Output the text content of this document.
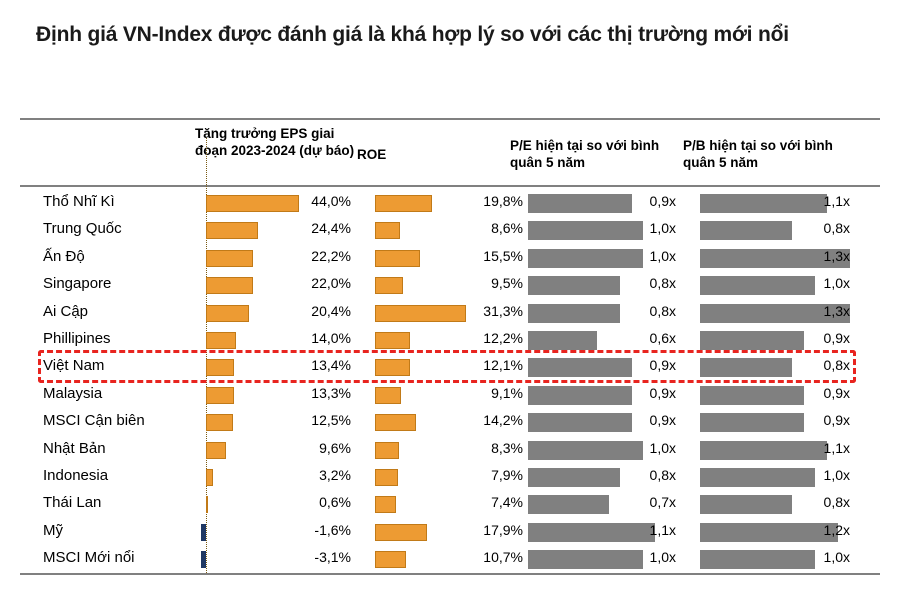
Định giá VN-Index được đánh giá là khá hợp lý so với các thị trường mới nổi
Tăng trưởng EPS giai đoạn 2023-2024 (dự báo) ROE
P/E hiện tại so với bình quân 5 năm
P/B hiện tại so với bình quân 5 năm
Thổ Nhĩ Kì	44,0%	19,8%	0,9x	1,1x
Trung Quốc	24,4%	8,6%	1,0x	0,8x
Ấn Độ	22,2%	15,5%	1,0x	1,3x
Singapore	22,0%	9,5%	0,8x	1,0x
Ai Cập	20,4%	31,3%	0,8x	1,3x
Phillipines	14,0%	12,2%	0,6x	0,9x
Việt Nam	13,4%	12,1%	0,9x	0,8x
Malaysia	13,3%	9,1%	0,9x	0,9x
MSCI Cận biên	12,5%	14,2%	0,9x	0,9x
Nhật Bản	9,6%	8,3%	1,0x	1,1x
Indonesia	3,2%	7,9%	0,8x	1,0x
Thái Lan	0,6%	7,4%	0,7x	0,8x
Mỹ	-1,6%	17,9%	1,1x	1,2x
MSCI Mới nổi	-3,1%	10,7%	1,0x	1,0x
